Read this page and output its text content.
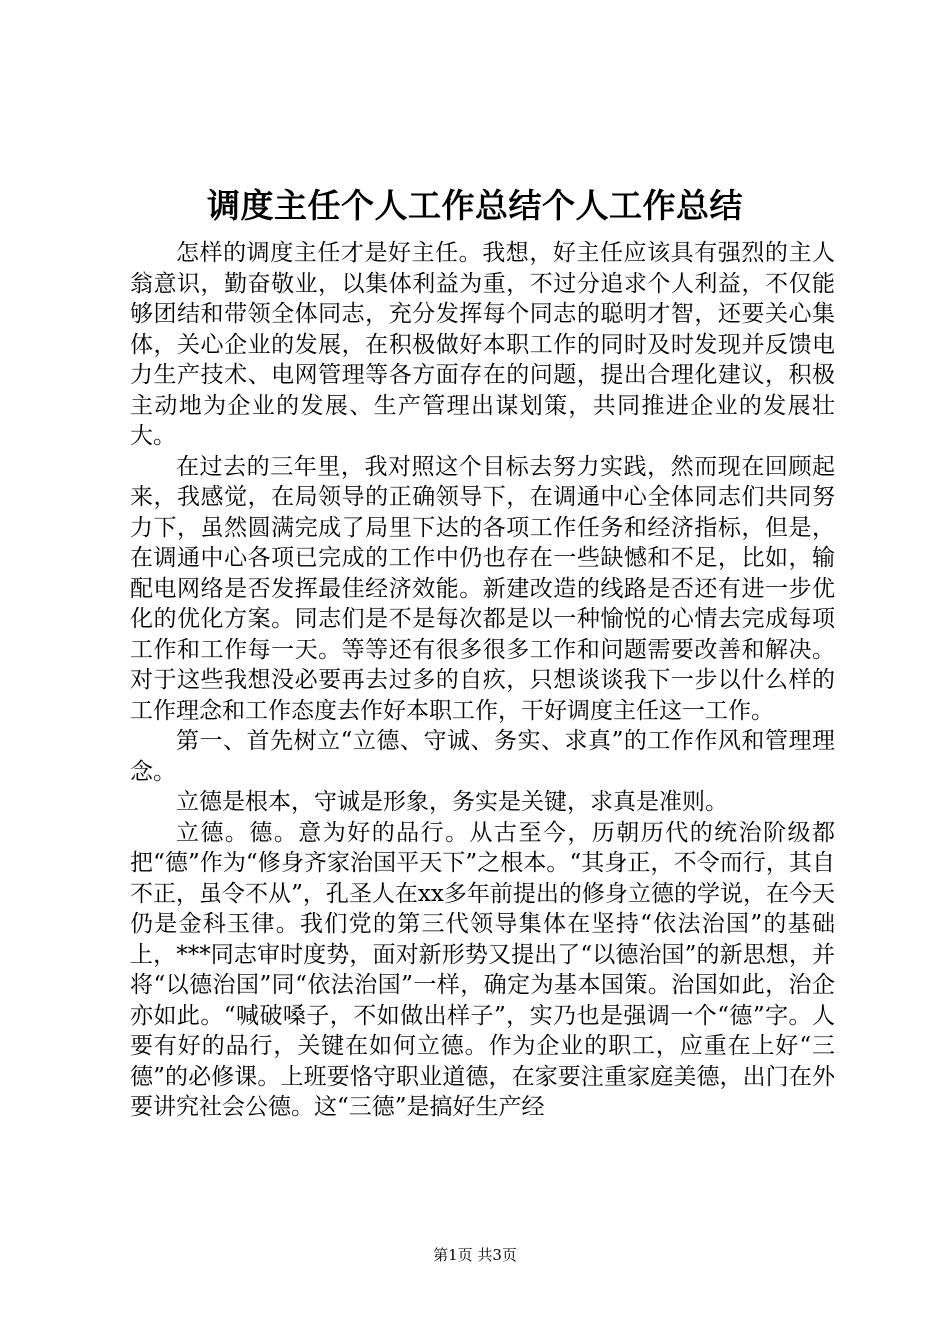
调度主任个人工作总结个人工作总结

怎样的调度主任才是好主任。我想，好主任应该具有强烈的主人翁意识，勤奋敬业，以集体利益为重，不过分追求个人利益，不仅能够团结和带领全体同志，充分发挥每个同志的聪明才智，还要关心集体，关心企业的发展，在积极做好本职工作的同时及时发现并反馈电力生产技术、电网管理等各方面存在的问题，提出合理化建议，积极主动地为企业的发展、生产管理出谋划策，共同推进企业的发展壮大。

在过去的三年里，我对照这个目标去努力实践，然而现在回顾起来，我感觉，在局领导的正确领导下，在调通中心全体同志们共同努力下，虽然圆满完成了局里下达的各项工作任务和经济指标，但是，在调通中心各项已完成的工作中仍也存在一些缺憾和不足，比如，输配电网络是否发挥最佳经济效能。新建改造的线路是否还有进一步优化的优化方案。同志们是不是每次都是以一种愉悦的心情去完成每项工作和工作每一天。等等还有很多很多工作和问题需要改善和解决。对于这些我想没必要再去过多的自疚，只想谈谈我下一步以什么样的工作理念和工作态度去作好本职工作，干好调度主任这一工作。

第一、首先树立“立德、守诚、务实、求真”的工作作风和管理理念。

立德是根本，守诚是形象，务实是关键，求真是准则。

立德。德。意为好的品行。从古至今，历朝历代的统治阶级都把“德”作为“修身齐家治国平天下”之根本。“其身正，不令而行，其自不正，虽令不从”，孔圣人在xx多年前提出的修身立德的学说，在今天仍是金科玉律。我们党的第三代领导集体在坚持“依法治国”的基础上，***同志审时度势，面对新形势又提出了“以德治国”的新思想，并将“以德治国”同“依法治国”一样，确定为基本国策。治国如此，治企亦如此。“喊破嗓子，不如做出样子”，实乃也是强调一个“德”字。人要有好的品行，关键在如何立德。作为企业的职工，应重在上好“三德”的必修课。上班要恪守职业道德，在家要注重家庭美德，出门在外要讲究社会公德。这“三德”是搞好生产经

第1页 共3页
